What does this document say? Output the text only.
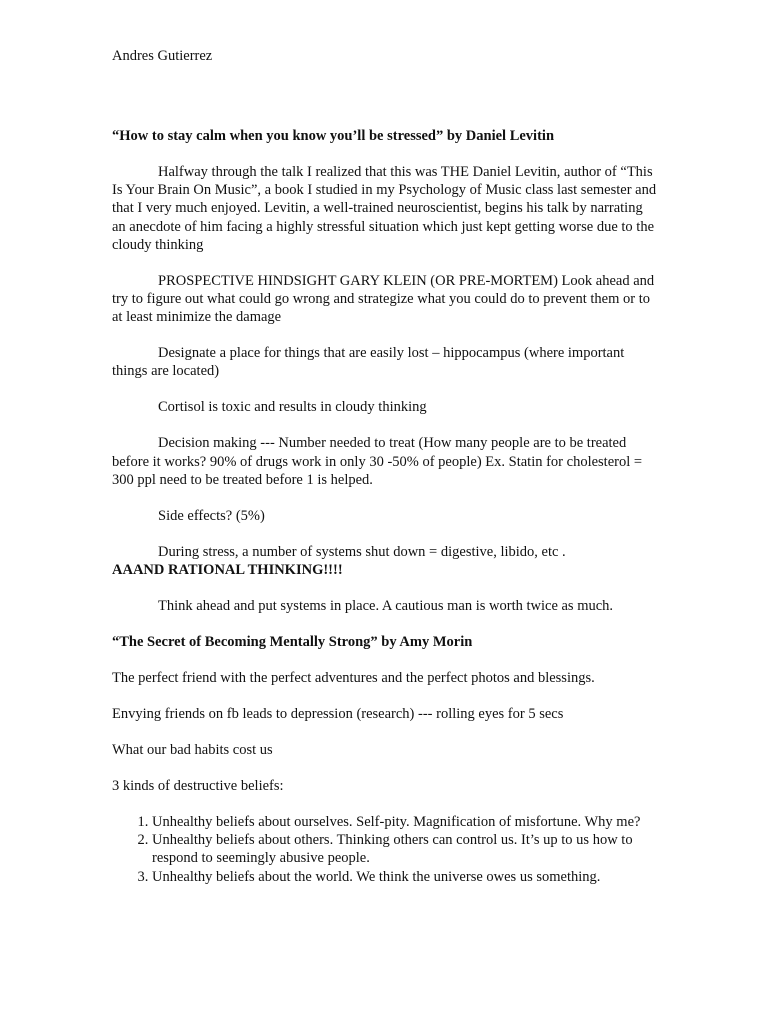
Andres Gutierrez

“How to stay calm when you know you’ll be stressed” by Daniel Levitin

Halfway through the talk I realized that this was THE Daniel Levitin, author of “This Is Your Brain On Music”, a book I studied in my Psychology of Music class last semester and that I very much enjoyed. Levitin, a well-trained neuroscientist, begins his talk by narrating an anecdote of him facing a highly stressful situation which just kept getting worse due to the cloudy thinking

PROSPECTIVE HINDSIGHT GARY KLEIN (OR PRE-MORTEM) Look ahead and try to figure out what could go wrong and strategize what you could do to prevent them or to at least minimize the damage

Designate a place for things that are easily lost – hippocampus (where important things are located)

Cortisol is toxic and results in cloudy thinking

Decision making --- Number needed to treat (How many people are to be treated before it works? 90% of drugs work in only 30 -50% of people) Ex. Statin for cholesterol = 300 ppl need to be treated before 1 is helped.

Side effects? (5%)

During stress, a number of systems shut down = digestive, libido, etc .
AAAND RATIONAL THINKING!!!!

Think ahead and put systems in place. A cautious man is worth twice as much.

“The Secret of Becoming Mentally Strong” by Amy Morin

The perfect friend with the perfect adventures and the perfect photos and blessings.

Envying friends on fb leads to depression (research) --- rolling eyes for 5 secs

What our bad habits cost us

3 kinds of destructive beliefs:

1. Unhealthy beliefs about ourselves. Self-pity. Magnification of misfortune. Why me?
2. Unhealthy beliefs about others. Thinking others can control us. It’s up to us how to respond to seemingly abusive people.
3. Unhealthy beliefs about the world. We think the universe owes us something.
